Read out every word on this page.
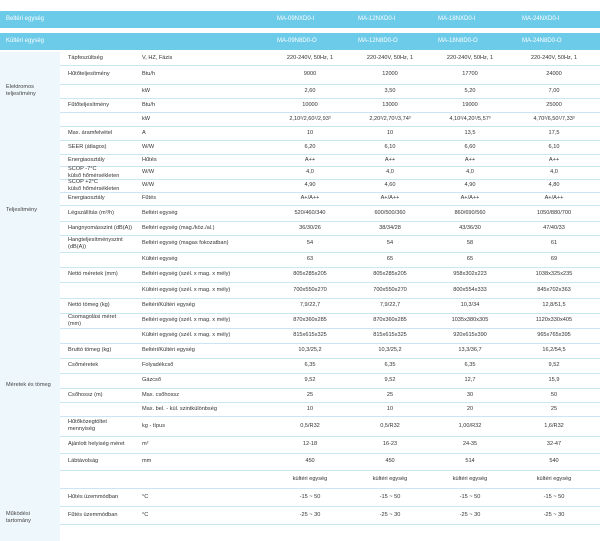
Beltéri egység	MA-09NXD0-I	MA-12NXD0-I	MA-18NXD0-I	MA-24NXD0-I
Kültéri egység	MA-09N8D0-O	MA-12N8D0-O	MA-18N8D0-O	MA-24N8D0-O
Elektromos
teljesítmény
Teljesítmény
Méretek és tömeg
Működési
tartomány
Tápfeszültség	V, HZ, Fázis	220-240V, 50Hz, 1	220-240V, 50Hz, 1	220-240V, 50Hz, 1	220-240V, 50Hz, 1
Hűtőteljesítmény	Btu/h	9000	12000	17700	24000
kW	2,60	3,50	5,20	7,00
Fűtőteljesítmény	Btu/h	10000	13000	19000	25000
kW	2,10²/2,60¹/2,93³	2,20²/2,70¹/3,74³	4,10²/4,20¹/5,57³	4,70²/6,50¹/7,33³
Max. áramfelvétel	A	10	10	13,5	17,5
SEER (átlagos)	W/W	6,20	6,10	6,60	6,10
Energiaosztály	Hűtés	A++	A++	A++	A++
SCOP -7°C
külső hőmérsékleten
W/W	4,0	4,0	4,0	4,0
SCOP +2°C
külső hőmérsékleten
W/W	4,90	4,60	4,90	4,80
Energiaosztály	Fűtés	A+/A++	A+/A++	A+/A++	A+/A++
Légszállítás (m³/h)	Beltéri egység	520/460/340	600/500/360	860/690/560	1050/880/700
Hangnyomásszint (dB(A)) Beltéri egység (mag./köz./al.)	36/30/26	38/34/28	43/36/30	47/40/33
Hangteljesítményszint
(dB(A))
Beltéri egység (magas fokozatban)	54	54	58	61
Kültéri egység	63	65	65	69
Nettó méretek (mm)	Beltéri egység (szél. x mag. x mély)	805x285x205	805x285x205	958x302x223	1038x325x235
Kültéri egység (szél. x mag. x mély)	700x550x270	700x550x270	800x554x333	845x702x363
Nettó tömeg (kg)	Beltéri/Kültéri egység	7,9/22,7	7,9/22,7	10,3/34	12,8/51,5
Csomagolási méret
(mm)
Beltéri egység (szél. x mag. x mély)	870x360x285	870x360x285	1035x380x305	1120x330x405
Kültéri egység (szél. x mag. x mély)	815x615x325	815x615x325	920x615x390	965x765x395
Bruttó tömeg (kg)	Beltéri/Kültéri egység	10,3/25,2	10,3/25,2	13,3/36,7	16,2/54,5
Csőméretek	Folyadékcső	6,35	6,35	6,35	9,52
Gázcső	9,52	9,52	12,7	15,9
Csőhossz (m)	Max. csőhossz	25	25	30	50
Max. bel. - kül. szintkülönbség	10	10	20	25
Hűtőközegtöltet
mennyiség	kg - típus	0,5/R32	0,5/R32	1,00/R32	1,6/R32
Ajánlott helyiség méret	m²	12-18	16-23	24-35	32-47
Lábtávolság	mm	450	450	514	540
kültéri egység	kültéri egység	kültéri egység	kültéri egység
Hűtés üzemmódban	°C	-15 ~ 50	-15 ~ 50	-15 ~ 50	-15 ~ 50
Fűtés üzemmódban	°C	-25 ~ 30	-25 ~ 30	-25 ~ 30	-25 ~ 30
